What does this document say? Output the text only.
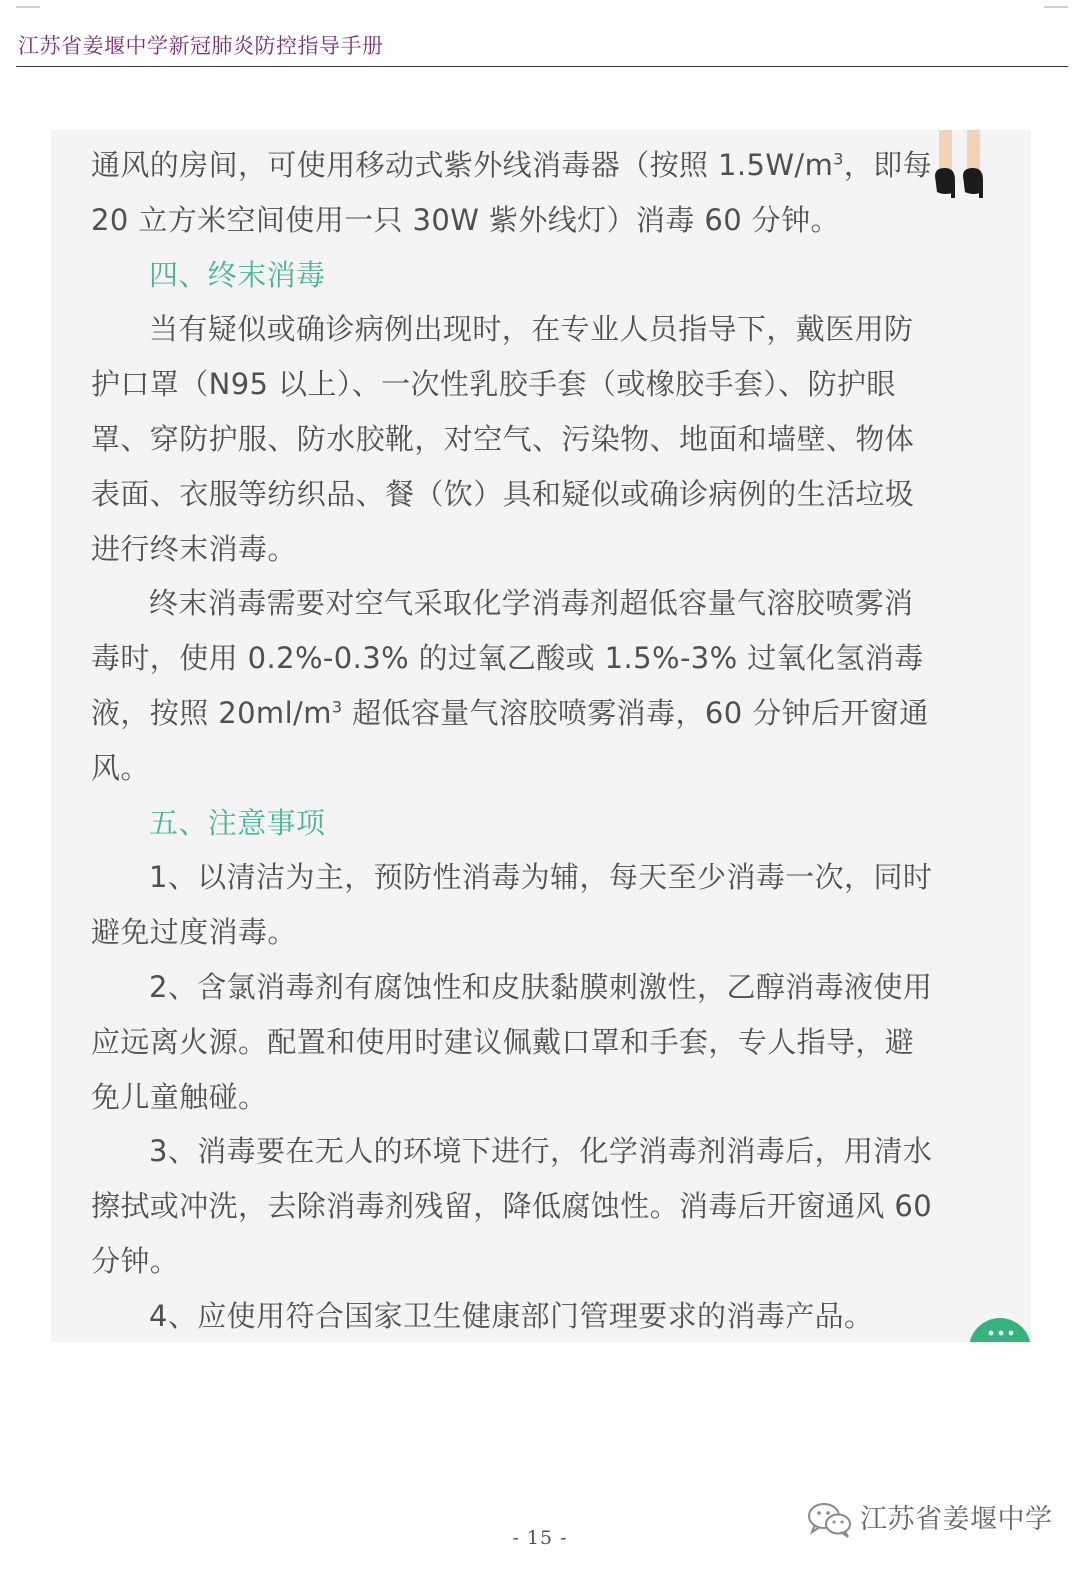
江苏省姜堰中学新冠肺炎防控指导手册

通风的房间，可使用移动式紫外线消毒器（按照 $1.5W/m^3$，即每 20 立方米空间使用一只 30W 紫外线灯）消毒 60 分钟。

四、终末消毒

当有疑似或确诊病例出现时，在专业人员指导下，戴医用防护口罩（N95 以上）、一次性乳胶手套（或橡胶手套）、防护眼罩、穿防护服、防水胶靴，对空气、污染物、地面和墙壁、物体表面、衣服等纺织品、餐（饮）具和疑似或确诊病例的生活垃圾进行终末消毒。

终末消毒需要对空气采取化学消毒剂超低容量气溶胶喷雾消毒时，使用 0.2%-0.3% 的过氧乙酸或 1.5%-3% 过氧化氢消毒液，按照 $20ml/m^3$ 超低容量气溶胶喷雾消毒，60 分钟后开窗通风。

五、注意事项

1、以清洁为主，预防性消毒为辅，每天至少消毒一次，同时避免过度消毒。

2、含氯消毒剂有腐蚀性和皮肤黏膜刺激性，乙醇消毒液使用应远离火源。配置和使用时建议佩戴口罩和手套，专人指导，避免儿童触碰。

3、消毒要在无人的环境下进行，化学消毒剂消毒后，用清水擦拭或冲洗，去除消毒剂残留，降低腐蚀性。消毒后开窗通风 60 分钟。

4、应使用符合国家卫生健康部门管理要求的消毒产品。

- 15 -
江苏省姜堰中学
